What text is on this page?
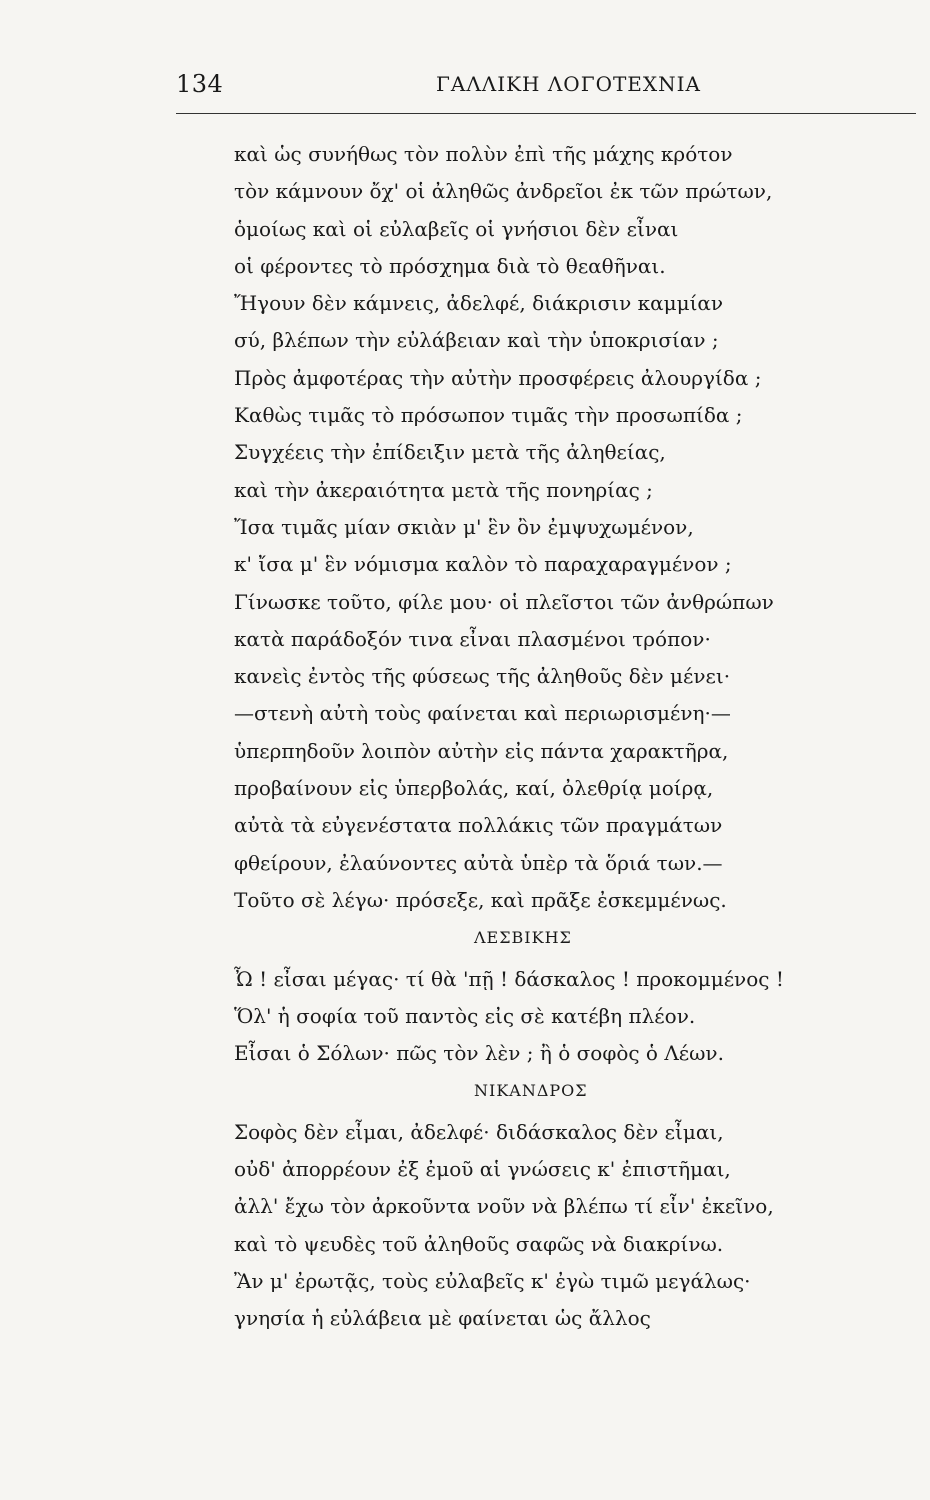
134	ΓΑΛΛΙΚΗ ΛΟΓΟΤΕΧΝΙΑ
καὶ ὡς συνήθως τὸν πολὺν ἐπὶ τῆς μάχης κρότον
τὸν κάμνουν ὄχ' οἱ ἀληθῶς ἀνδρεῖοι ἐκ τῶν πρώτων,
ὁμοίως καὶ οἱ εὐλαβεῖς οἱ γνήσιοι δὲν εἶναι
οἱ φέροντες τὸ πρόσχημα διὰ τὸ θεαθῆναι.
Ἤγουν δὲν κάμνεις, ἀδελφέ, διάκρισιν καμμίαν
σύ, βλέπων τὴν εὐλάβειαν καὶ τὴν ὑποκρισίαν ;
Πρὸς ἀμφοτέρας τὴν αὐτὴν προσφέρεις ἀλουργίδα ;
Καθὼς τιμᾶς τὸ πρόσωπον τιμᾶς τὴν προσωπίδα ;
Συγχέεις τὴν ἐπίδειξιν μετὰ τῆς ἀληθείας,
καὶ τὴν ἀκεραιότητα μετὰ τῆς πονηρίας ;
Ἴσα τιμᾶς μίαν σκιὰν μ' ἓν ὂν ἐμψυχωμένον,
κ' ἴσα μ' ἓν νόμισμα καλὸν τὸ παραχαραγμένον ;
Γίνωσκε τοῦτο, φίλε μου· οἱ πλεῖστοι τῶν ἀνθρώπων
κατὰ παράδοξόν τινα εἶναι πλασμένοι τρόπον·
κανεὶς ἐντὸς τῆς φύσεως τῆς ἀληθοῦς δὲν μένει·
—στενὴ αὐτὴ τοὺς φαίνεται καὶ περιωρισμένη·—
ὑπερπηδοῦν λοιπὸν αὐτὴν εἰς πάντα χαρακτῆρα,
προβαίνουν εἰς ὑπερβολάς, καί, ὀλεθρίᾳ μοίρᾳ,
αὐτὰ τὰ εὐγενέστατα πολλάκις τῶν πραγμάτων
φθείρουν, ἐλαύνοντες αὐτὰ ὑπὲρ τὰ ὅριά των.—
Τοῦτο σὲ λέγω· πρόσεξε, καὶ πρᾶξε ἐσκεμμένως.
ΛΕΣΒΙΚΗΣ
Ὦ ! εἶσαι μέγας· τί θὰ 'πῇ ! δάσκαλος ! προκομμένος !
Ὅλ' ἡ σοφία τοῦ παντὸς εἰς σὲ κατέβη πλέον.
Εἶσαι ὁ Σόλων· πῶς τὸν λὲν ; ἢ ὁ σοφὸς ὁ Λέων.
ΝΙΚΑΝΔΡΟΣ
Σοφὸς δὲν εἶμαι, ἀδελφέ· διδάσκαλος δὲν εἶμαι,
οὐδ' ἀπορρέουν ἐξ ἐμοῦ αἱ γνώσεις κ' ἐπιστῆμαι,
ἀλλ' ἔχω τὸν ἀρκοῦντα νοῦν νὰ βλέπω τί εἶν' ἐκεῖνο,
καὶ τὸ ψευδὲς τοῦ ἀληθοῦς σαφῶς νὰ διακρίνω.
Ἂν μ' ἐρωτᾷς, τοὺς εὐλαβεῖς κ' ἐγὼ τιμῶ μεγάλως·
γνησία ἡ εὐλάβεια μὲ φαίνεται ὡς ἄλλος
